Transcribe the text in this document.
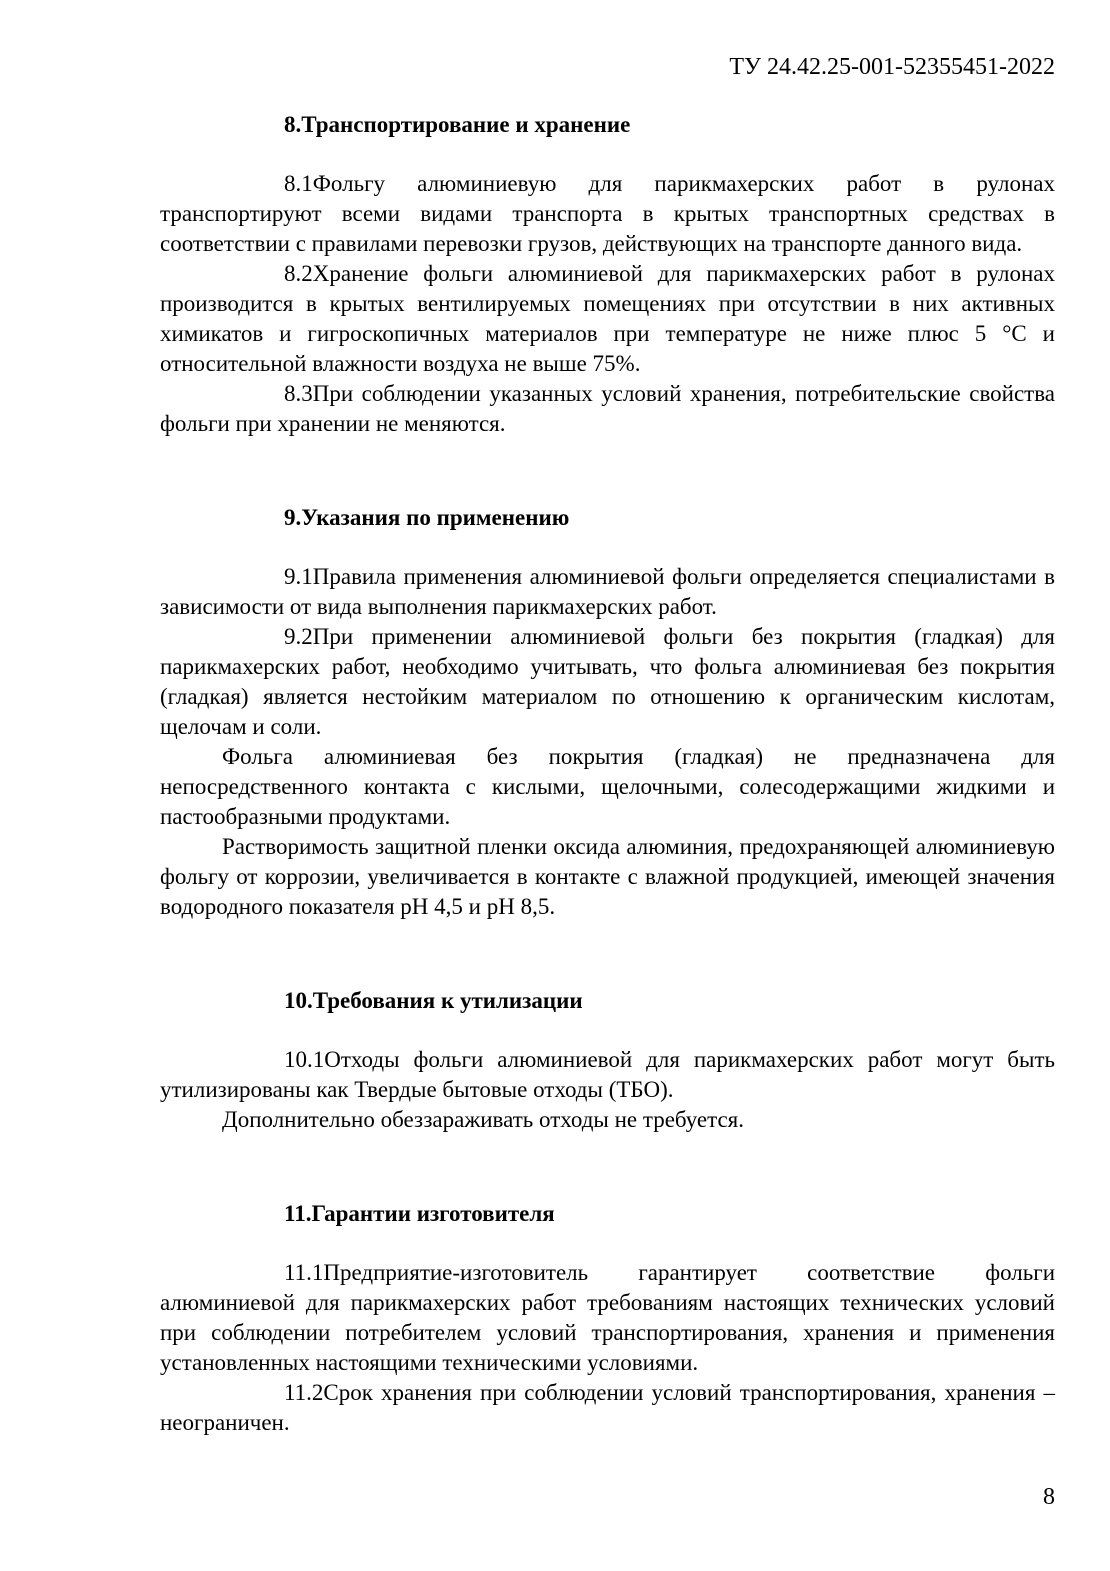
ТУ 24.42.25-001-52355451-2022
8.Транспортирование и хранение

8.1Фольгу алюминиевую для парикмахерских работ в рулонах транспортируют всеми видами транспорта в крытых транспортных средствах в соответствии с правилами перевозки грузов, действующих на транспорте данного вида.

8.2Хранение фольги алюминиевой для парикмахерских работ в рулонах производится в крытых вентилируемых помещениях при отсутствии в них активных химикатов и гигроскопичных материалов при температуре не ниже плюс 5 °С и относительной влажности воздуха не выше 75%.

8.3При соблюдении указанных условий хранения, потребительские свойства фольги при хранении не меняются.

9.Указания по применению

9.1Правила применения алюминиевой фольги определяется специалистами в зависимости от вида выполнения парикмахерских работ.

9.2При применении алюминиевой фольги без покрытия (гладкая) для парикмахерских работ, необходимо учитывать, что фольга алюминиевая без покрытия (гладкая) является нестойким материалом по отношению к органическим кислотам, щелочам и соли.

Фольга алюминиевая без покрытия (гладкая) не предназначена для непосредственного контакта с кислыми, щелочными, солесодержащими жидкими и пастообразными продуктами.

Растворимость защитной пленки оксида алюминия, предохраняющей алюминиевую фольгу от коррозии, увеличивается в контакте с влажной продукцией, имеющей значения водородного показателя рН 4,5 и рН 8,5.

10.Требования к утилизации

10.1Отходы фольги алюминиевой для парикмахерских работ могут быть утилизированы как Твердые бытовые отходы (ТБО).

Дополнительно обеззараживать отходы не требуется.

11.Гарантии изготовителя

11.1Предприятие-изготовитель гарантирует соответствие фольги алюминиевой для парикмахерских работ требованиям настоящих технических условий при соблюдении потребителем условий транспортирования, хранения и применения установленных настоящими техническими условиями.

11.2Срок хранения при соблюдении условий транспортирования, хранения – неограничен.

8
